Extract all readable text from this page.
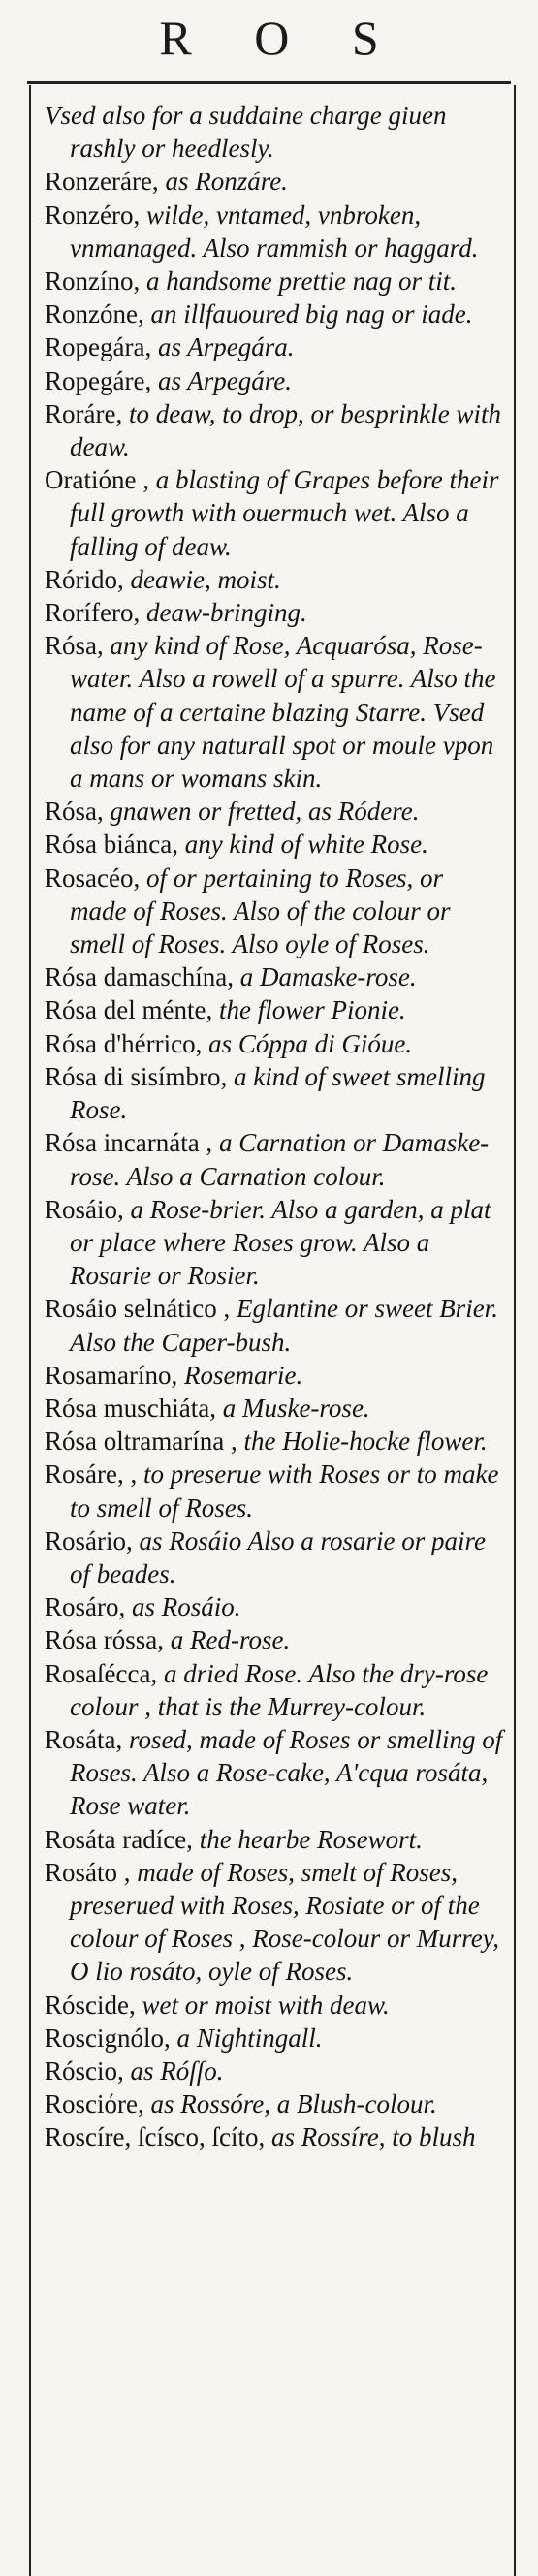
R O S
Vsed also for a suddaine charge giuen rashly or heedlesly.
Ronzeráre, as Ronzáre.
Ronzéro, wilde, vntamed, vnbroken, vnmanaged. Also rammish or haggard.
Ronzíno, a handsome prettie nag or tit.
Ronzóne, an illfauoured big nag or iade.
Ropegára, as Arpegára.
Ropegáre, as Arpegáre.
Roráre, to deaw, to drop, or besprinkle with deaw.
Oratióne , a blasting of Grapes before their full growth with ouermuch wet. Also a falling of deaw.
Rórido, deawie, moist.
Rorífero, deaw-bringing.
Rósa, any kind of Rose, Acquarósa, Rose-water. Also a rowell of a spurre. Also the name of a certaine blazing Starre. Vsed also for any naturall spot or moule vpon a mans or womans skin.
Rósa, gnawen or fretted, as Ródere.
Rósa biánca, any kind of white Rose.
Rosacéo, of or pertaining to Roses, or made of Roses. Also of the colour or smell of Roses. Also oyle of Roses.
Rósa damaschína, a Damaske-rose.
Rósa del ménte, the flower Pionie.
Rósa d'hérrico, as Cóppa di Gióue.
Rósa di sisímbro, a kind of sweet smelling Rose.
Rósa incarnáta , a Carnation or Damaske-rose. Also a Carnation colour.
Rosáio, a Rose-brier. Also a garden, a plat or place where Roses grow. Also a Rosarie or Rosier.
Rosáio selnático , Eglantine or sweet Brier. Also the Caper-bush.
Rosamaríno, Rosemarie.
Rósa muschiáta, a Muske-rose.
Rósa oltramarína , the Holie-hocke flower.
Rosáre, , to preserue with Roses or to make to smell of Roses.
Rosário, as Rosáio Also a rosarie or paire of beades.
Rosáro, as Rosáio.
Rósa róssa, a Red-rose.
Rosaſécca, a dried Rose. Also the dry-rose colour , that is the Murrey-colour.
Rosáta, rosed, made of Roses or smelling of Roses. Also a Rose-cake, A'cqua rosáta, Rose water.
Rosáta radíce, the hearbe Rosewort.
Rosáto , made of Roses, smelt of Roses, preserued with Roses, Rosiate or of the colour of Roses , Rose-colour or Murrey, O lio rosáto, oyle of Roses.
Róscide, wet or moist with deaw.
Roscignólo, a Nightingall.
Róscio, as Róſſo.
Rosciόre, as Rossóre, a Blush-colour.
Roscíre, ſcísco, ſcíto, as Rossíre, to blush
